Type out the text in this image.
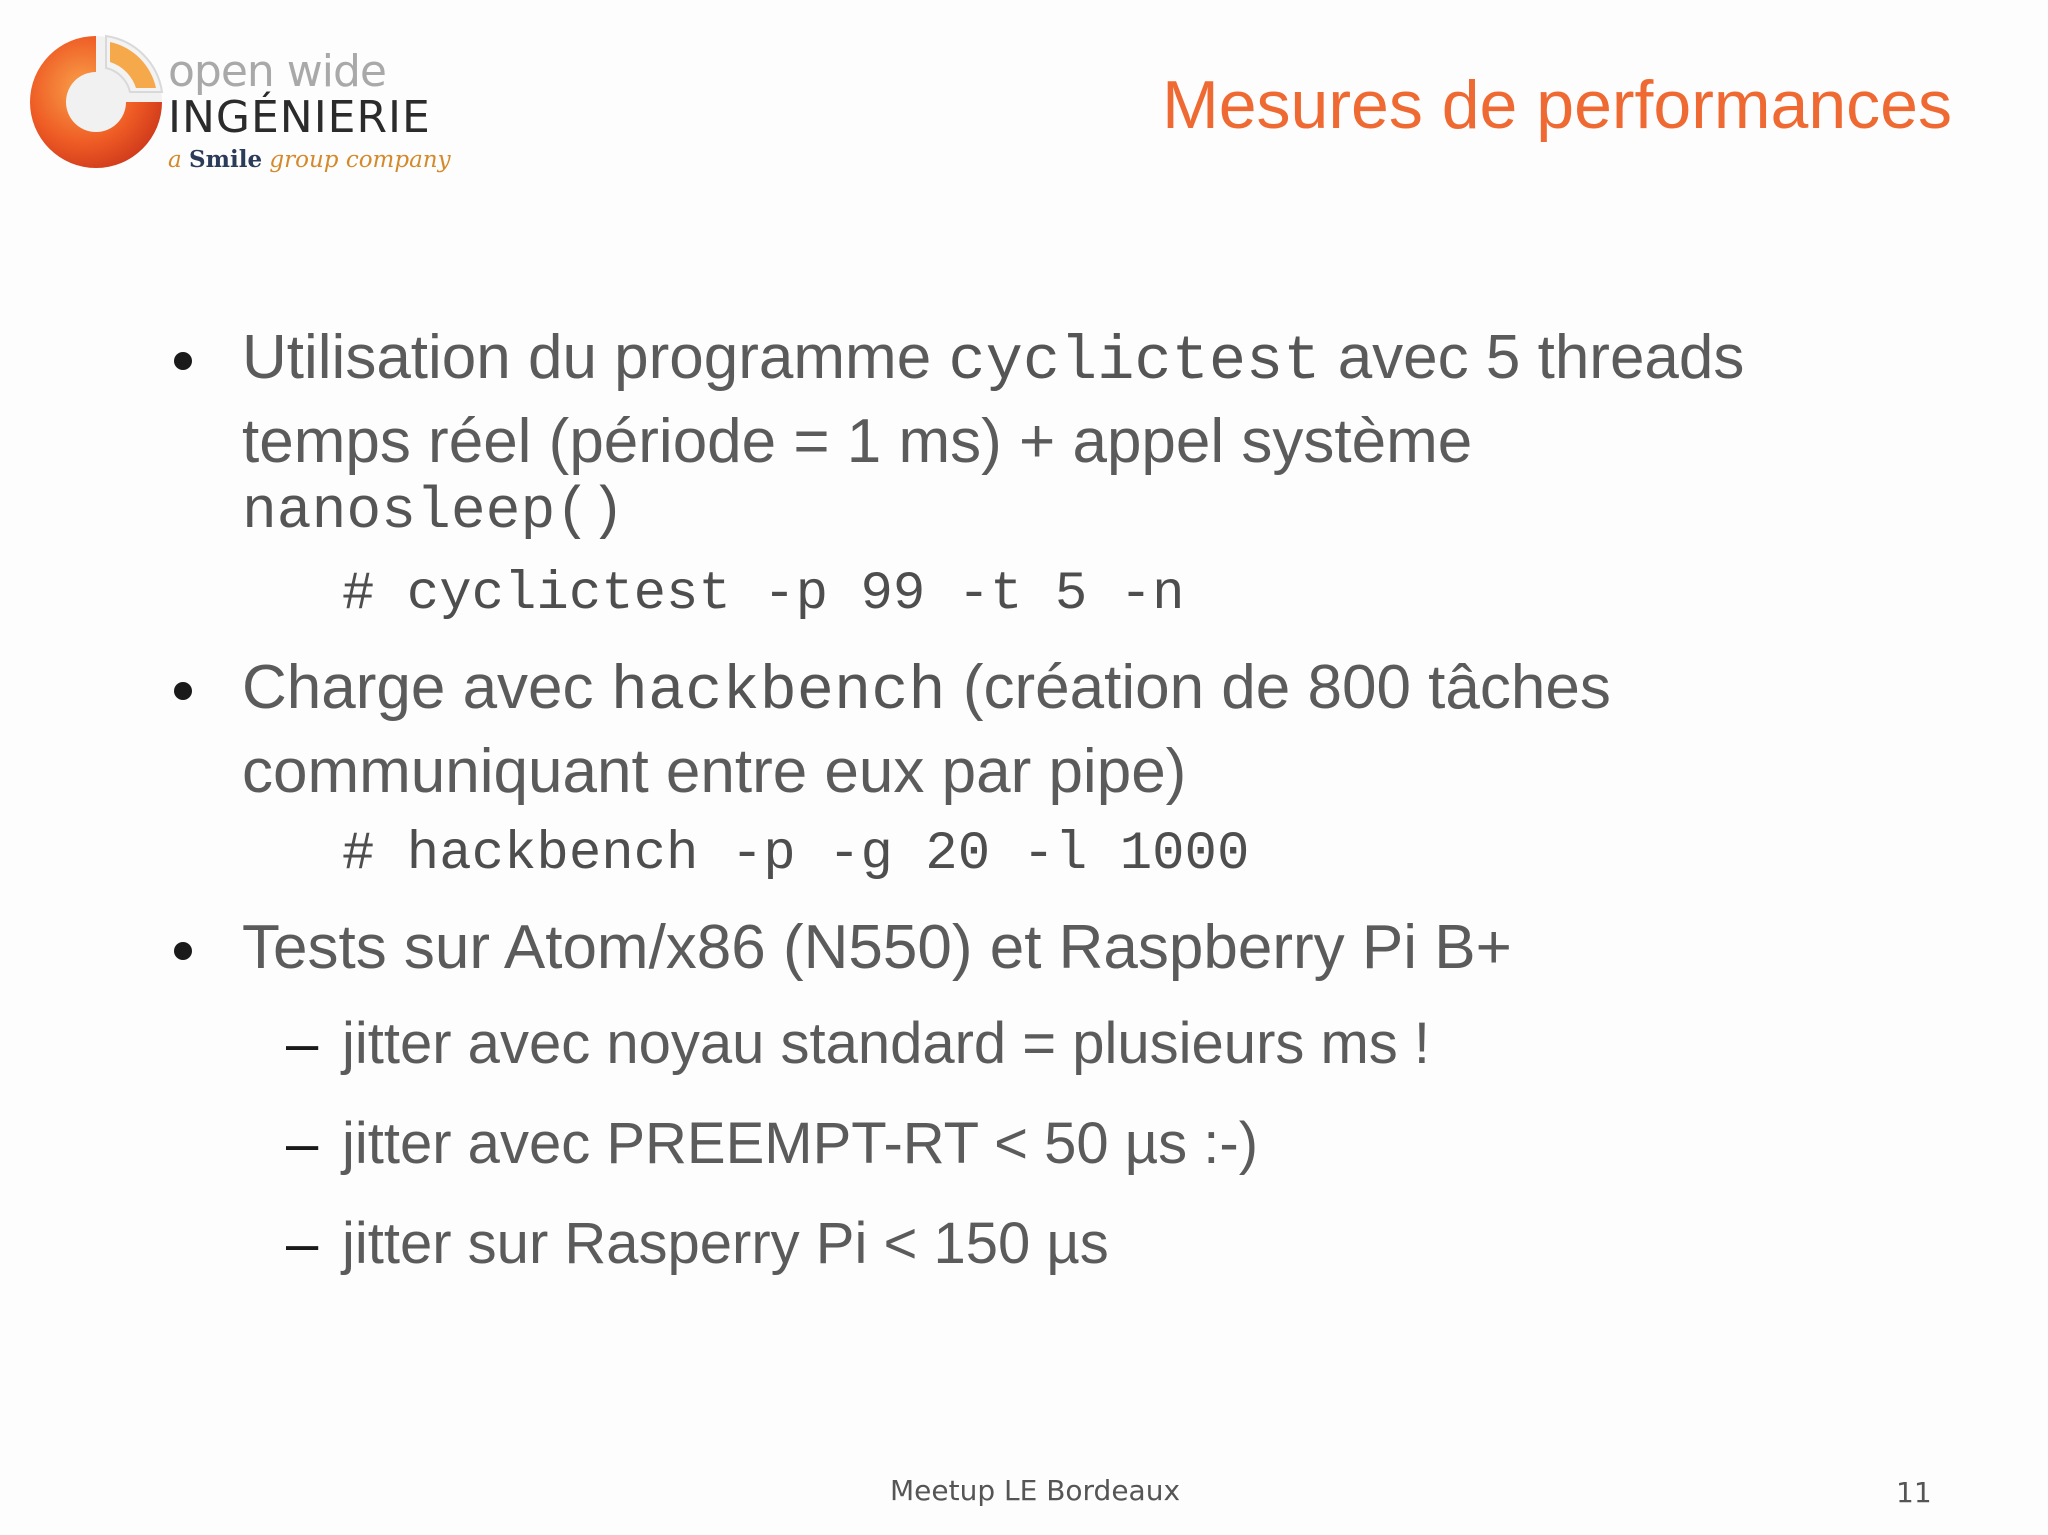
open wide
INGÉNIERIE
a Smile group company
Mesures de performances
Utilisation du programme cyclictest avec 5 threads temps réel (période = 1 ms) + appel système
nanosleep()
# cyclictest -p 99 -t 5 -n
Charge avec hackbench (création de 800 tâches communiquant entre eux par pipe)
# hackbench -p -g 20 -l 1000
Tests sur Atom/x86 (N550) et Raspberry Pi B+
– jitter avec noyau standard = plusieurs ms !
– jitter avec PREEMPT-RT < 50 µs :-)
– jitter sur Rasperry Pi < 150 µs
Meetup LE Bordeaux	11
